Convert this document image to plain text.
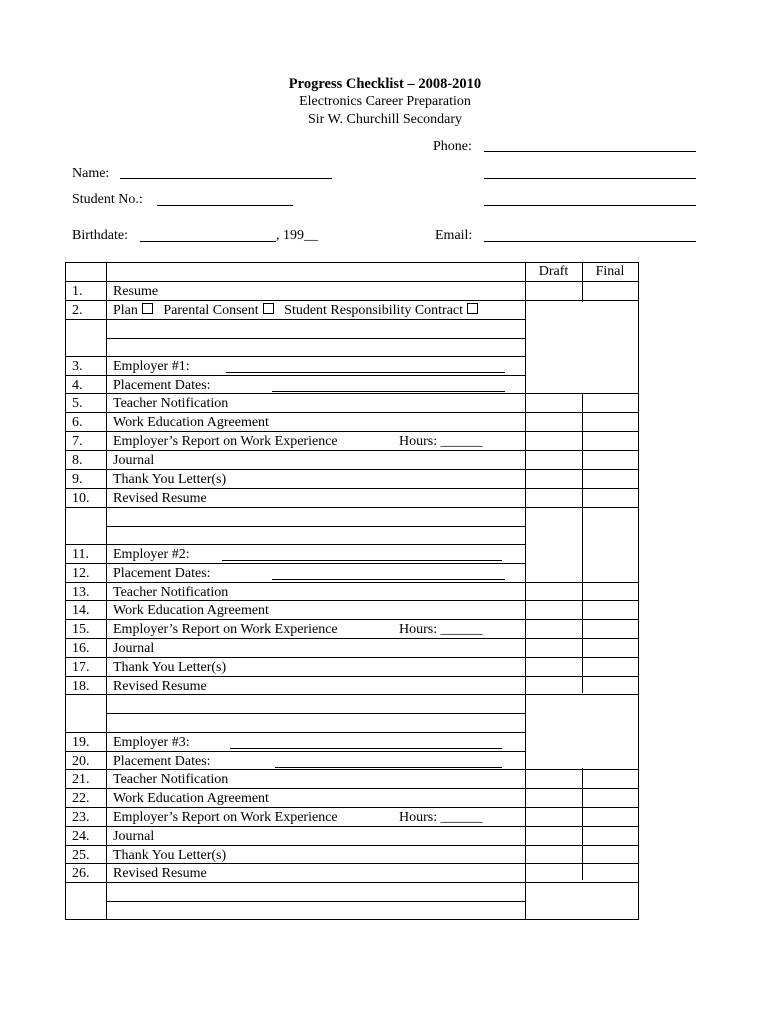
Progress Checklist – 2008-2010
Electronics Career Preparation
Sir W. Churchill Secondary
Phone:
Name:
Student No.:
Birthdate:	, 199__	Email:
Draft	Final
1. Resume
2. Plan Parental Consent Student Responsibility Contract
3. Employer #1:
4. Placement Dates:
5. Teacher Notification
6. Work Education Agreement
7. Employer’s Report on Work Experience	Hours: ______
8. Journal
9. Thank You Letter(s)
10. Revised Resume
11. Employer #2:
12. Placement Dates:
13. Teacher Notification
14. Work Education Agreement
15. Employer’s Report on Work Experience	Hours: ______
16. Journal
17. Thank You Letter(s)
18. Revised Resume
19. Employer #3:
20. Placement Dates:
21. Teacher Notification
22. Work Education Agreement
23. Employer’s Report on Work Experience	Hours: ______
24. Journal
25. Thank You Letter(s)
26. Revised Resume
